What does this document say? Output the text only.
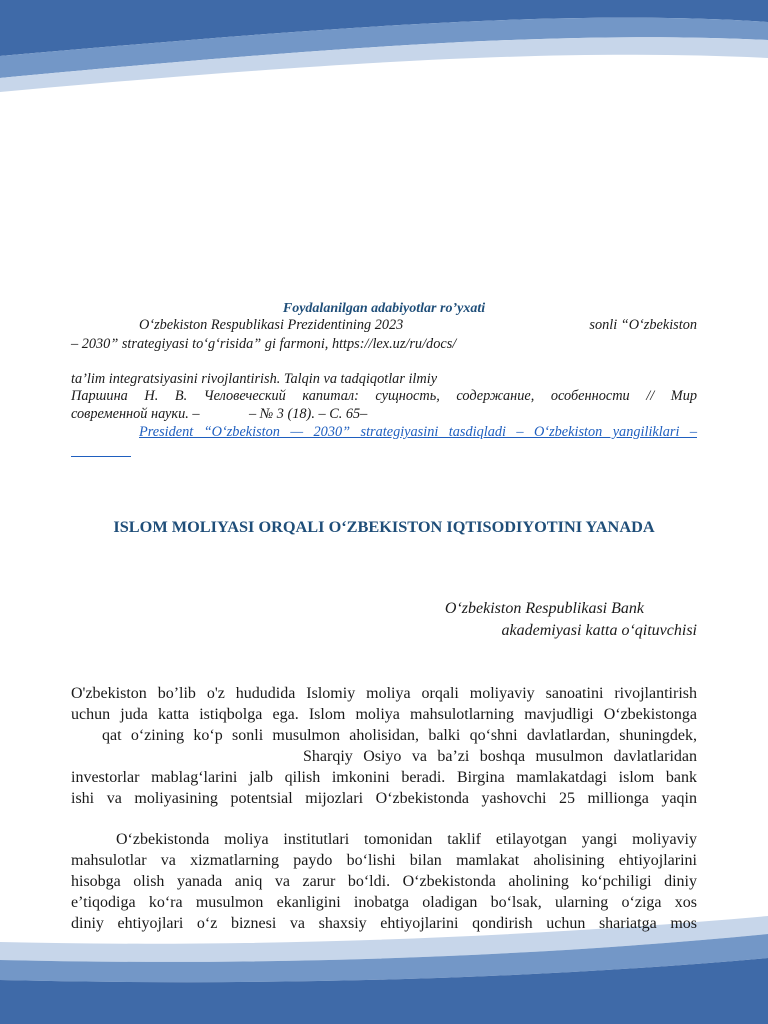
Foydalanilgan adabiyotlar ro’yxati
O‘zbekiston Respublikasi Prezidentining 2023	sonli “O‘zbekiston
– 2030” strategiyasi to‘g‘risida” gi farmoni, https://lex.uz/ru/docs/
ta’lim integratsiyasini rivojlantirish. Talqin va tadqiqotlar ilmiy
Паршина Н. В. Человеческий капитал: сущность, содержание, особенности // Мир
современной науки. –	– № 3 (18). – С. 65–
President “O‘zbekiston — 2030” strategiyasini tasdiqladi – O‘zbekiston yangiliklari –
ISLOM MOLIYASI ORQALI O‘ZBEKISTON IQTISODIYOTINI YANADA
O‘zbekiston Respublikasi Bank
akademiyasi katta o‘qituvchisi
O'zbekiston bo’lib o'z hududida Islomiy moliya orqali moliyaviy sanoatini rivojlantirish
uchun juda katta istiqbolga ega. Islom moliya mahsulotlarning mavjudligi O‘zbekistonga
qat o‘zining ko‘p sonli musulmon aholisidan, balki qo‘shni davlatlardan, shuningdek,
Sharqiy Osiyo va ba’zi boshqa musulmon davlatlaridan
investorlar mablag‘larini jalb qilish imkonini beradi. Birgina mamlakatdagi islom bank
ishi va moliyasining potentsial mijozlari O‘zbekistonda yashovchi 25 millionga yaqin
O‘zbekistonda moliya institutlari tomonidan taklif etilayotgan yangi moliyaviy
mahsulotlar va xizmatlarning paydo bo‘lishi bilan mamlakat aholisining ehtiyojlarini
hisobga olish yanada aniq va zarur bo‘ldi. O‘zbekistonda aholining ko‘pchiligi diniy
e’tiqodiga ko‘ra musulmon ekanligini inobatga oladigan bo‘lsak, ularning o‘ziga xos
diniy ehtiyojlari o‘z biznesi va shaxsiy ehtiyojlarini qondirish uchun shariatga mos
